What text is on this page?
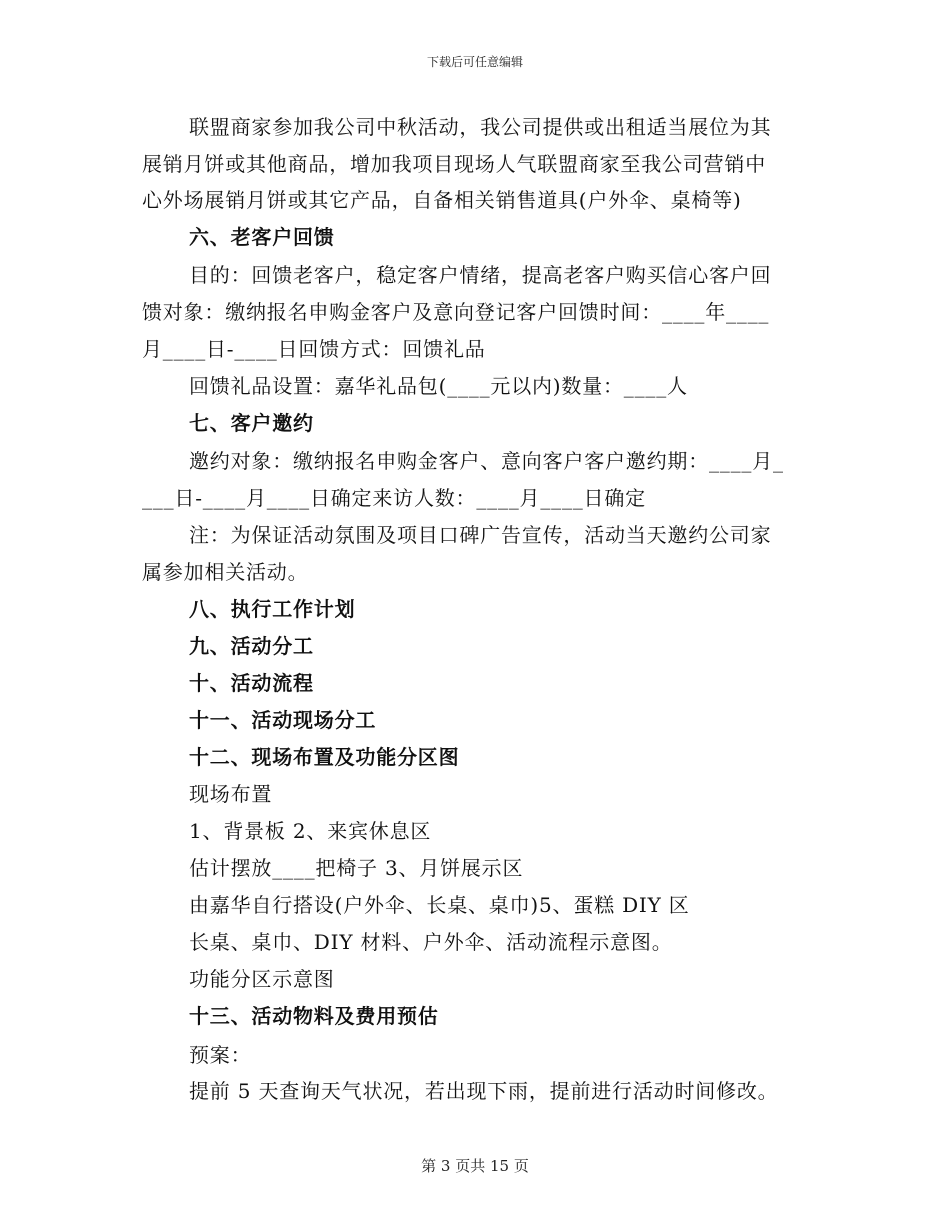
下载后可任意编辑
联盟商家参加我公司中秋活动，我公司提供或出租适当展位为其
展销月饼或其他商品，增加我项目现场人气联盟商家至我公司营销中
心外场展销月饼或其它产品，自备相关销售道具(户外伞、桌椅等)
六、老客户回馈
目的：回馈老客户，稳定客户情绪，提高老客户购买信心客户回
馈对象：缴纳报名申购金客户及意向登记客户回馈时间：____年____
月____日-____日回馈方式：回馈礼品
回馈礼品设置：嘉华礼品包(____元以内)数量：____人
七、客户邀约
邀约对象：缴纳报名申购金客户、意向客户客户邀约期：____月_
___日-____月____日确定来访人数：____月____日确定
注：为保证活动氛围及项目口碑广告宣传，活动当天邀约公司家
属参加相关活动。
八、执行工作计划
九、活动分工
十、活动流程
十一、活动现场分工
十二、现场布置及功能分区图
现场布置
1、背景板 2、来宾休息区
估计摆放____把椅子 3、月饼展示区
由嘉华自行搭设(户外伞、长桌、桌巾)5、蛋糕 DIY 区
长桌、桌巾、DIY 材料、户外伞、活动流程示意图。
功能分区示意图
十三、活动物料及费用预估
预案：
提前 5 天查询天气状况，若出现下雨，提前进行活动时间修改。
第 3 页共 15 页
